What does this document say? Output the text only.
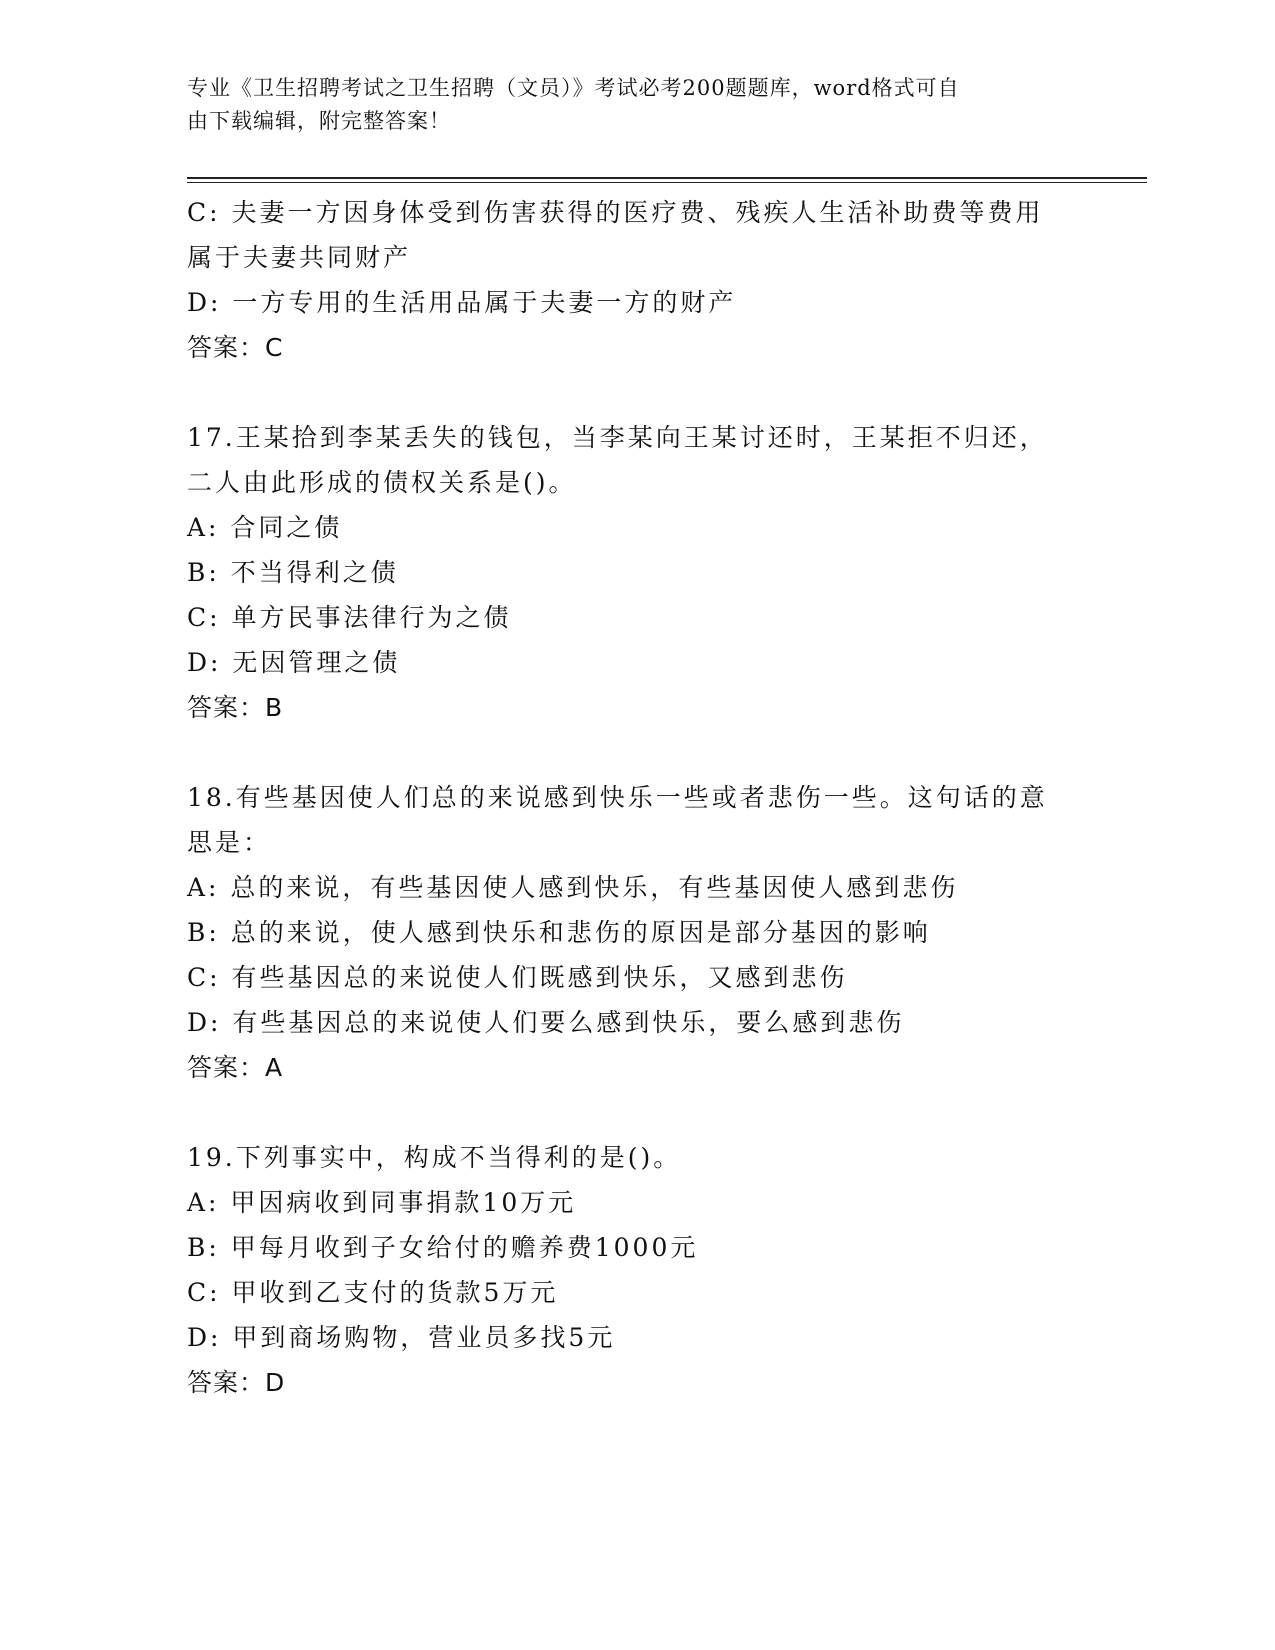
专业《卫生招聘考试之卫生招聘（文员）》考试必考200题题库，word格式可自
由下载编辑，附完整答案！
C: 夫妻一方因身体受到伤害获得的医疗费、残疾人生活补助费等费用
属于夫妻共同财产
D: 一方专用的生活用品属于夫妻一方的财产
答案：C
17.王某拾到李某丢失的钱包，当李某向王某讨还时，王某拒不归还，
二人由此形成的债权关系是()。
A: 合同之债
B: 不当得利之债
C: 单方民事法律行为之债
D: 无因管理之债
答案：B
18.有些基因使人们总的来说感到快乐一些或者悲伤一些。这句话的意
思是：
A: 总的来说，有些基因使人感到快乐，有些基因使人感到悲伤
B: 总的来说，使人感到快乐和悲伤的原因是部分基因的影响
C: 有些基因总的来说使人们既感到快乐，又感到悲伤
D: 有些基因总的来说使人们要么感到快乐，要么感到悲伤
答案：A
19.下列事实中，构成不当得利的是()。
A: 甲因病收到同事捐款10万元
B: 甲每月收到子女给付的赡养费1000元
C: 甲收到乙支付的货款5万元
D: 甲到商场购物，营业员多找5元
答案：D
